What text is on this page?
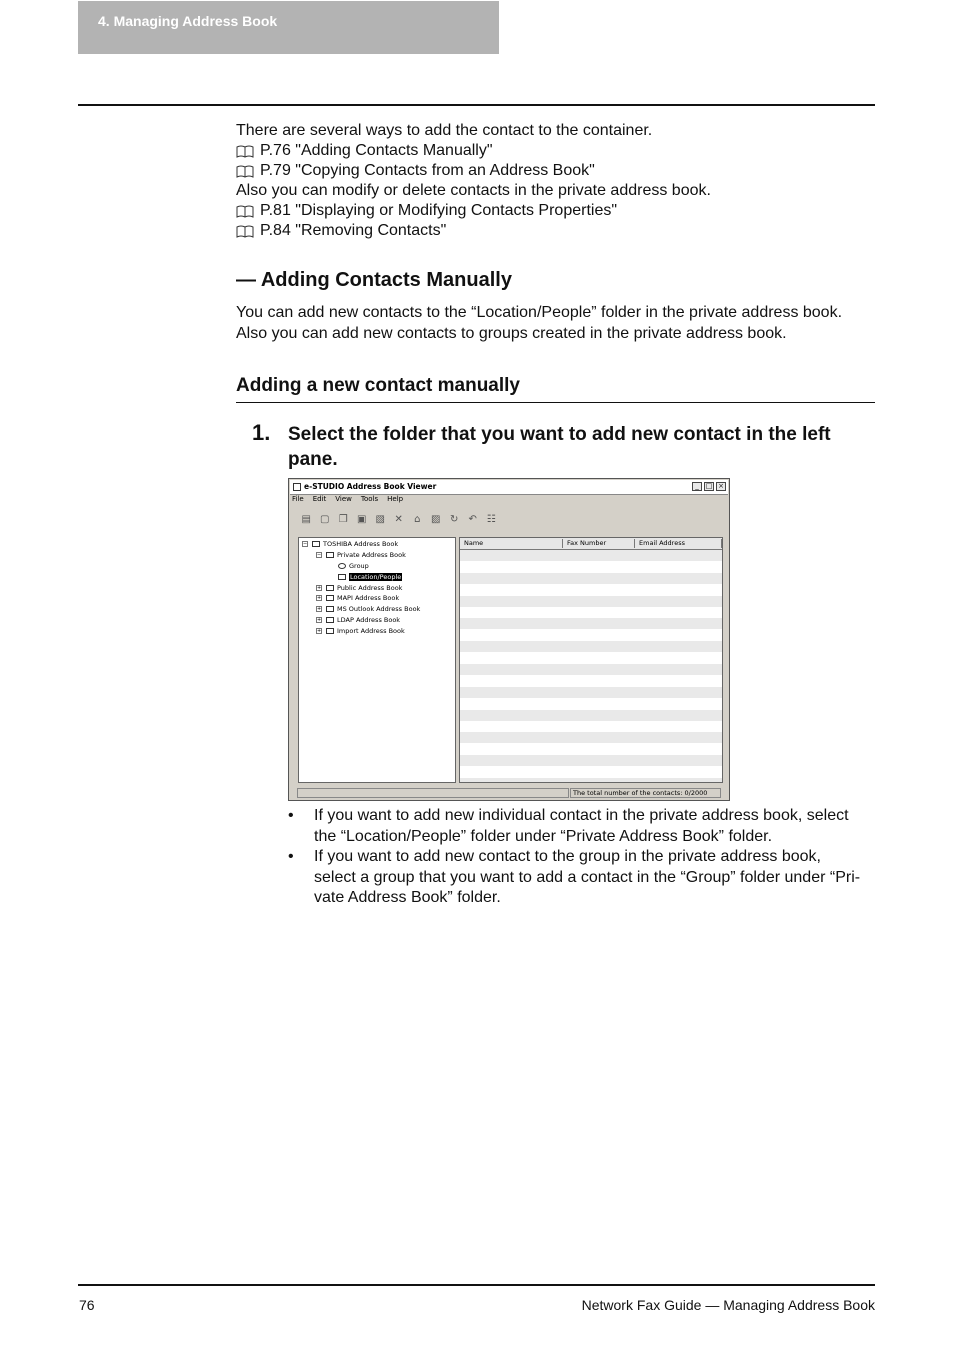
4. Managing Address Book
There are several ways to add the contact to the container.
P.76 "Adding Contacts Manually"
P.79 "Copying Contacts from an Address Book"
Also you can modify or delete contacts in the private address book.
P.81 "Displaying or Modifying Contacts Properties"
P.84 "Removing Contacts"
— Adding Contacts Manually
You can add new contacts to the “Location/People” folder in the private address book.
Also you can add new contacts to groups created in the private address book.
Adding a new contact manually
1. Select the folder that you want to add new contact in the left
pane.
e-STUDIO Address Book Viewer	_ □ ×
File Edit View Tools Help
▤ ▢ ❐ ▣ ▧ ✕	⌂	▨ ↻	↶ ☷
− TOSHIBA Address Book
− Private Address Book
Group
Location/People
+ Public Address Book
+ MAPI Address Book
+ MS Outlook Address Book
+ LDAP Address Book
+ Import Address Book
Name	Fax Number	Email Address
The total number of the contacts: 0/2000
•	If you want to add new individual contact in the private address book, select
the “Location/People” folder under “Private Address Book” folder.
•	If you want to add new contact to the group in the private address book,
select a group that you want to add a contact in the “Group” folder under “Pri-
vate Address Book” folder.
76	Network Fax Guide — Managing Address Book
